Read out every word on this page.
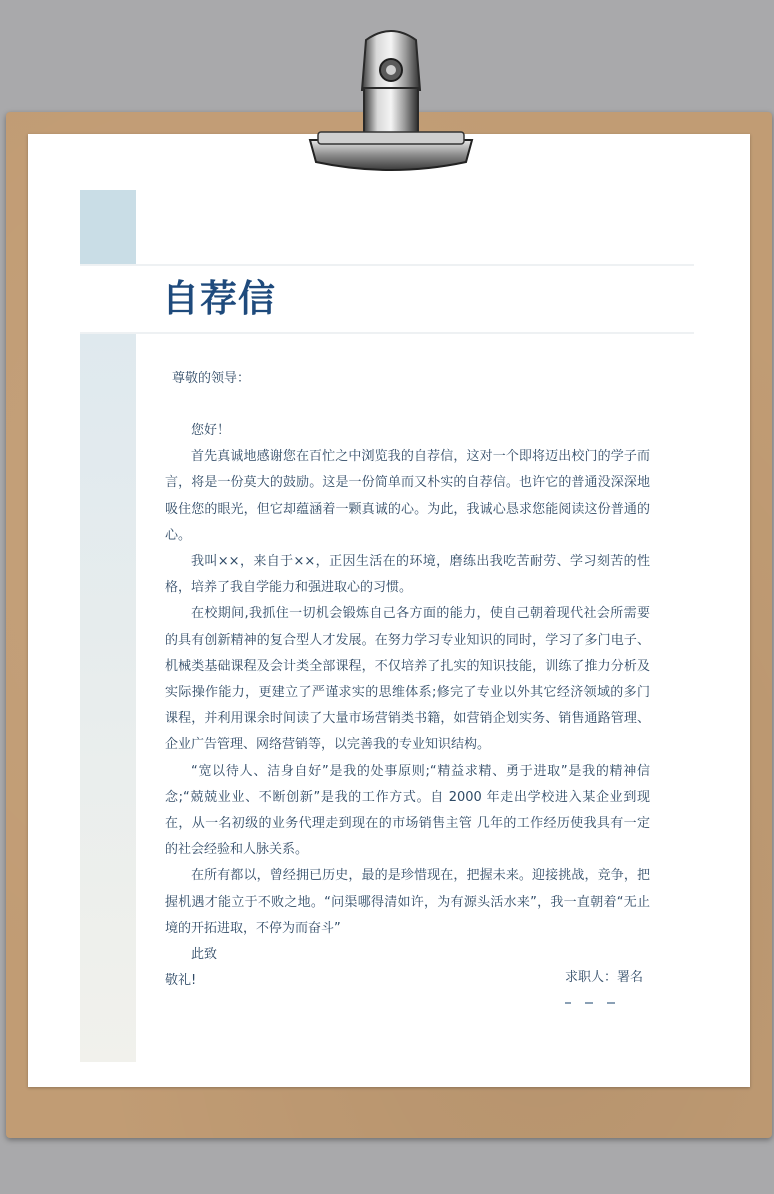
自荐信
尊敬的领导：

您好！

首先真诚地感谢您在百忙之中浏览我的自荐信，这对一个即将迈出校门的学子而言，将是一份莫大的鼓励。这是一份简单而又朴实的自荐信。也许它的普通没深深地吸住您的眼光，但它却蕴涵着一颗真诚的心。为此，我诚心恳求您能阅读这份普通的心。

我叫××，来自于××，正因生活在的环境，磨练出我吃苦耐劳、学习刻苦的性格，培养了我自学能力和强进取心的习惯。

在校期间,我抓住一切机会锻炼自己各方面的能力，使自己朝着现代社会所需要的具有创新精神的复合型人才发展。在努力学习专业知识的同时，学习了多门电子、机械类基础课程及会计类全部课程，不仅培养了扎实的知识技能，训练了推力分析及实际操作能力，更建立了严谨求实的思维体系;修完了专业以外其它经济领域的多门课程，并利用课余时间读了大量市场营销类书籍，如营销企划实务、销售通路管理、企业广告管理、网络营销等，以完善我的专业知识结构。

“宽以待人、洁身自好”是我的处事原则;“精益求精、勇于进取”是我的精神信念;“兢兢业业、不断创新”是我的工作方式。自 2000 年走出学校进入某企业到现在，从一名初级的业务代理走到现在的市场销售主管 几年的工作经历使我具有一定的社会经验和人脉关系。

在所有都以，曾经拥已历史，最的是珍惜现在，把握未来。迎接挑战，竞争，把握机遇才能立于不败之地。“问渠哪得清如许，为有源头活水来”，我一直朝着“无止境的开拓进取，不停为而奋斗”

此致

敬礼!	求职人：署名
